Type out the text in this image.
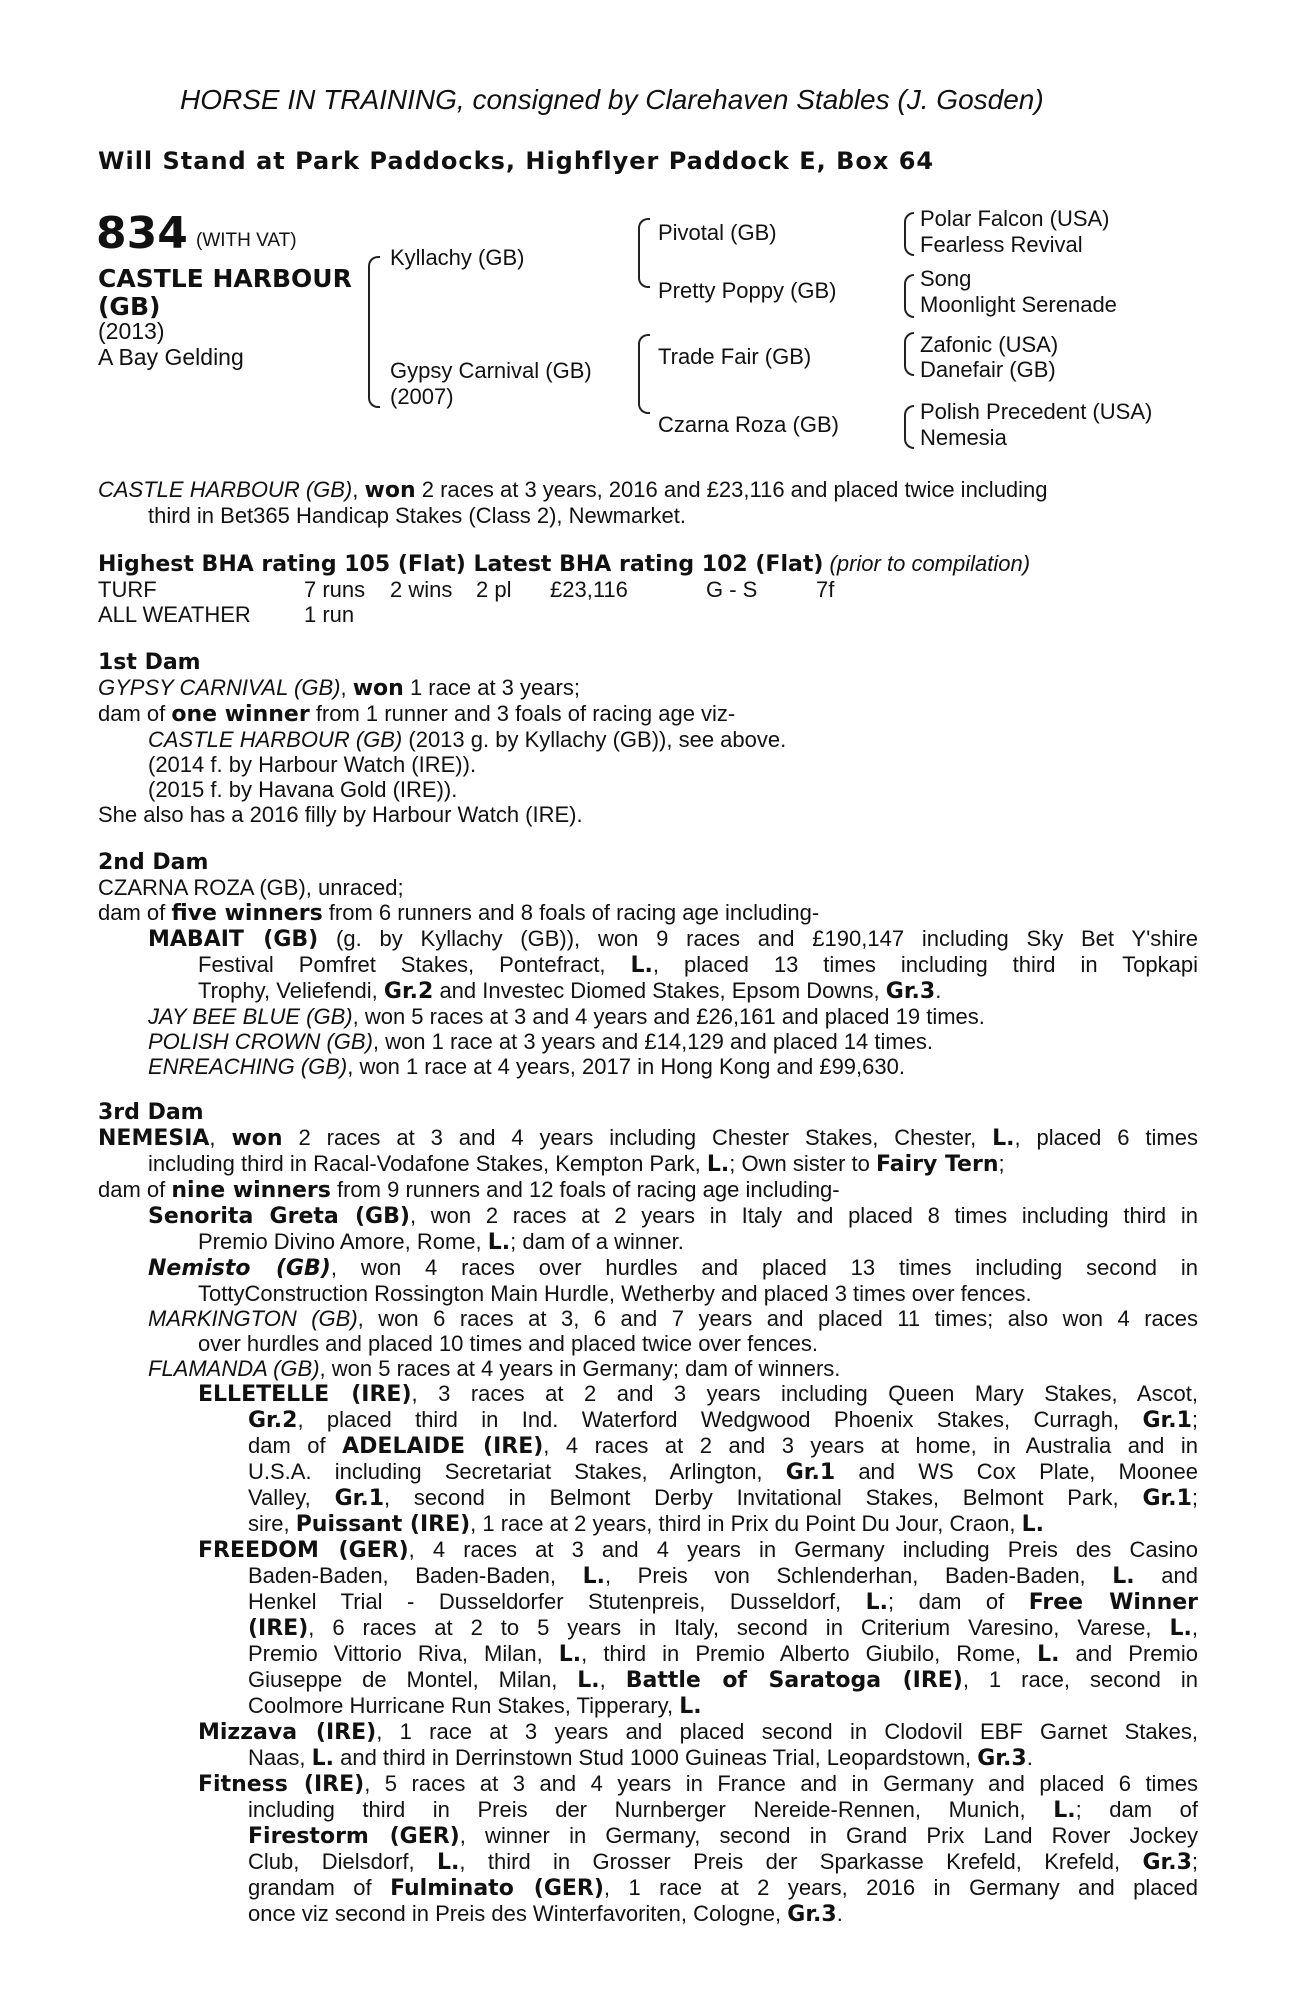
HORSE IN TRAINING, consigned by Clarehaven Stables (J. Gosden)
Will Stand at Park Paddocks, Highflyer Paddock E, Box 64
834 (WITH VAT)
CASTLE HARBOUR
(GB)
(2013)
A Bay Gelding
Kyllachy (GB)
Gypsy Carnival (GB)
(2007)
Pivotal (GB)
Pretty Poppy (GB)
Trade Fair (GB)
Czarna Roza (GB)
Polar Falcon (USA)
Fearless Revival
Song
Moonlight Serenade
Zafonic (USA)
Danefair (GB)
Polish Precedent (USA)
Nemesia
CASTLE HARBOUR (GB), won 2 races at 3 years, 2016 and £23,116 and placed twice including
third in Bet365 Handicap Stakes (Class 2), Newmarket.
Highest BHA rating 105 (Flat) Latest BHA rating 102 (Flat) (prior to compilation)
TURF	7 runs 2 wins 2 pl £23,116	G - S	7f
ALL WEATHER 1 run
1st Dam
GYPSY CARNIVAL (GB), won 1 race at 3 years;
dam of one winner from 1 runner and 3 foals of racing age viz-
CASTLE HARBOUR (GB) (2013 g. by Kyllachy (GB)), see above.
(2014 f. by Harbour Watch (IRE)).
(2015 f. by Havana Gold (IRE)).
She also has a 2016 filly by Harbour Watch (IRE).
2nd Dam
CZARNA ROZA (GB), unraced;
dam of five winners from 6 runners and 8 foals of racing age including-
MABAIT (GB) (g. by Kyllachy (GB)), won 9 races and £190,147 including Sky Bet Y'shire
Festival Pomfret Stakes, Pontefract, L., placed 13 times including third in Topkapi
Trophy, Veliefendi, Gr.2 and Investec Diomed Stakes, Epsom Downs, Gr.3.
JAY BEE BLUE (GB), won 5 races at 3 and 4 years and £26,161 and placed 19 times.
POLISH CROWN (GB), won 1 race at 3 years and £14,129 and placed 14 times.
ENREACHING (GB), won 1 race at 4 years, 2017 in Hong Kong and £99,630.
3rd Dam
NEMESIA, won 2 races at 3 and 4 years including Chester Stakes, Chester, L., placed 6 times
including third in Racal-Vodafone Stakes, Kempton Park, L.; Own sister to Fairy Tern;
dam of nine winners from 9 runners and 12 foals of racing age including-
Senorita Greta (GB), won 2 races at 2 years in Italy and placed 8 times including third in
Premio Divino Amore, Rome, L.; dam of a winner.
Nemisto (GB), won 4 races over hurdles and placed 13 times including second in
TottyConstruction Rossington Main Hurdle, Wetherby and placed 3 times over fences.
MARKINGTON (GB), won 6 races at 3, 6 and 7 years and placed 11 times; also won 4 races
over hurdles and placed 10 times and placed twice over fences.
FLAMANDA (GB), won 5 races at 4 years in Germany; dam of winners.
ELLETELLE (IRE), 3 races at 2 and 3 years including Queen Mary Stakes, Ascot,
Gr.2, placed third in Ind. Waterford Wedgwood Phoenix Stakes, Curragh, Gr.1;
dam of ADELAIDE (IRE), 4 races at 2 and 3 years at home, in Australia and in
U.S.A. including Secretariat Stakes, Arlington, Gr.1 and WS Cox Plate, Moonee
Valley, Gr.1, second in Belmont Derby Invitational Stakes, Belmont Park, Gr.1;
sire, Puissant (IRE), 1 race at 2 years, third in Prix du Point Du Jour, Craon, L.
FREEDOM (GER), 4 races at 3 and 4 years in Germany including Preis des Casino
Baden-Baden, Baden-Baden, L., Preis von Schlenderhan, Baden-Baden, L. and
Henkel Trial - Dusseldorfer Stutenpreis, Dusseldorf, L.; dam of Free Winner
(IRE), 6 races at 2 to 5 years in Italy, second in Criterium Varesino, Varese, L.,
Premio Vittorio Riva, Milan, L., third in Premio Alberto Giubilo, Rome, L. and Premio
Giuseppe de Montel, Milan, L., Battle of Saratoga (IRE), 1 race, second in
Coolmore Hurricane Run Stakes, Tipperary, L.
Mizzava (IRE), 1 race at 3 years and placed second in Clodovil EBF Garnet Stakes,
Naas, L. and third in Derrinstown Stud 1000 Guineas Trial, Leopardstown, Gr.3.
Fitness (IRE), 5 races at 3 and 4 years in France and in Germany and placed 6 times
including third in Preis der Nurnberger Nereide-Rennen, Munich, L.; dam of
Firestorm (GER), winner in Germany, second in Grand Prix Land Rover Jockey
Club, Dielsdorf, L., third in Grosser Preis der Sparkasse Krefeld, Krefeld, Gr.3;
grandam of Fulminato (GER), 1 race at 2 years, 2016 in Germany and placed
once viz second in Preis des Winterfavoriten, Cologne, Gr.3.
